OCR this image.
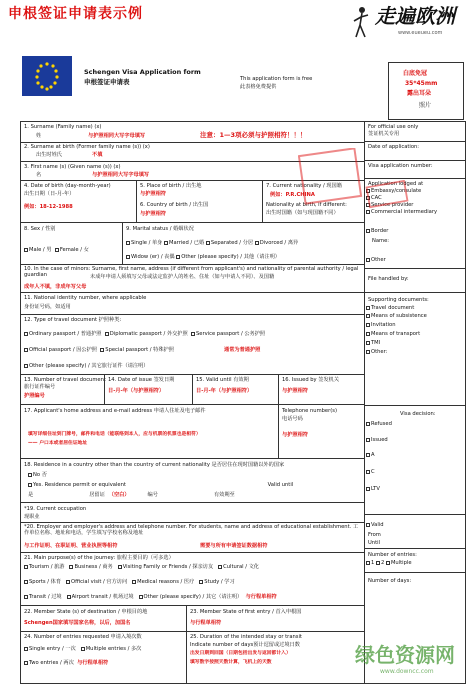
申根签证申请表示例	走遍欧洲
www.eueueu.com
Schengen Visa Application form
申根签证申请表	This application form is free
此表格免费提供
白底免冠
35*45mm
露出耳朵
照片
For official use only
签证机关专用
Date of application:
Visa application number:
Application lodged at
Embassy/consulate
CAC
Service provider
Commercial intermediary
Border
Name:
Other
File handled by:
Supporting documents:
Travel document
Means of subsistence
Invitation
Means of transport
TMI
Other:
Visa decision:
Refused
Issued
A
C
LTV
Valid
From
Until
Number of entries:
1 2 Multiple
Number of days:
1. Surname (Family name) (x)
姓	与护照相同大写字母填写	注意：1—3项必须与护照相符！！！
2. Surname at birth (Former family name (s)) (x)
出生时姓氏	不填
3. First name (s) (Given name (s)) (x)
名	与护照相同大写字母填写
4. Date of birth (day-month-year)
出生日期（日-月-年）
例如：18-12-1988
5. Place of birth / 出生地
与护照相符
6. Country of birth / 出生国
与护照相符
7. Current nationality / 现国籍
例如：P.R.CHINA
Nationality at birth, if different:
出生时国籍（如与现国籍不同）
8. Sex / 性别
Male / 男 Female / 女
9. Marital status / 婚姻状况
Single / 单身 Married / 已婚 Separated / 分居 Divorced / 离异
Widow (er) / 丧偶 Other (please specify) / 其他（请注明）
10. In the case of minors: Surname, first name, address (if different from applicant's) and nationality of parental authority / legal guardian	未成年申请人须填写父母或法定监护人的姓名、住址（如与申请人不同）、及国籍
成年人不填，非成年写父母
11. National identity number, where applicable
身份证号码，如适用
12. Type of travel document 护照种类:
Ordinary passport / 普通护照 Diplomatic passport / 外交护照 Service passport / 公务护照
Official passport / 因公护照 Special passport / 特殊护照	通常为普通护照
Other (please specify) / 其它旅行证件（请注明）
13. Number of travel document
旅行证件编号
护照编号
14. Date of issue 签发日期
日-月-年（与护照相符）
15. Valid until 有效期
日-月-年（与护照相符）
16. Issued by 签发机关
与护照相符
17. Applicant's home address and e-mail address 申请人住址及电子邮件
填写详细住址到门牌号，邮件和电话（能联络到本人，应与机票的机票也是相符）
—— 户口本或者居住证地址
Telephone number(s)
电话号码
与护照相符
18. Residence in a country other than the country of current nationality 是否居住在现时国籍以外的国家
No 否
Yes. Residence permit or equivalent	Valid until
是	居留证 （空白）	编号	有效期至
*19. Current occupation
现职业
*20. Employer and employer's address and telephone number. For students, name and address of educational establishment. 工作单位名称、地址和电话，学生填写学校名称及地址
与工作证明、在职证明、营业执照等相符	需要与所有申请签证数据相符
21. Main purpose(s) of the journey: 旅程主要目的（可多选）
Tourism / 旅游 Business / 商务 Visiting Family or Friends / 探亲访友 Cultural / 文化
Sports / 体育 Official visit / 官方访问 Medical reasons / 医疗 Study / 学习
Transit / 过境 Airport transit / 机场过境 Other (please specify) / 其它（请注明） 与行程单相符
22. Member State (s) of destination / 申根目的地
Schengen国家填写国家名称，以后，加国名
23. Member State of first entry / 首入申根国
与行程单相符
24. Number of entries requested 申请入境次数
Single entry / 一次 Multiple entries / 多次
Two entries / 两次 与行程单相符
25. Duration of the intended stay or transit
Indicate number of days预计逗留或过境日数
出发日期到回国（日期包括出发与返回都计入）
填写数字按照天数计算，飞机上的天数	绿色资源网
www.downcc.com
